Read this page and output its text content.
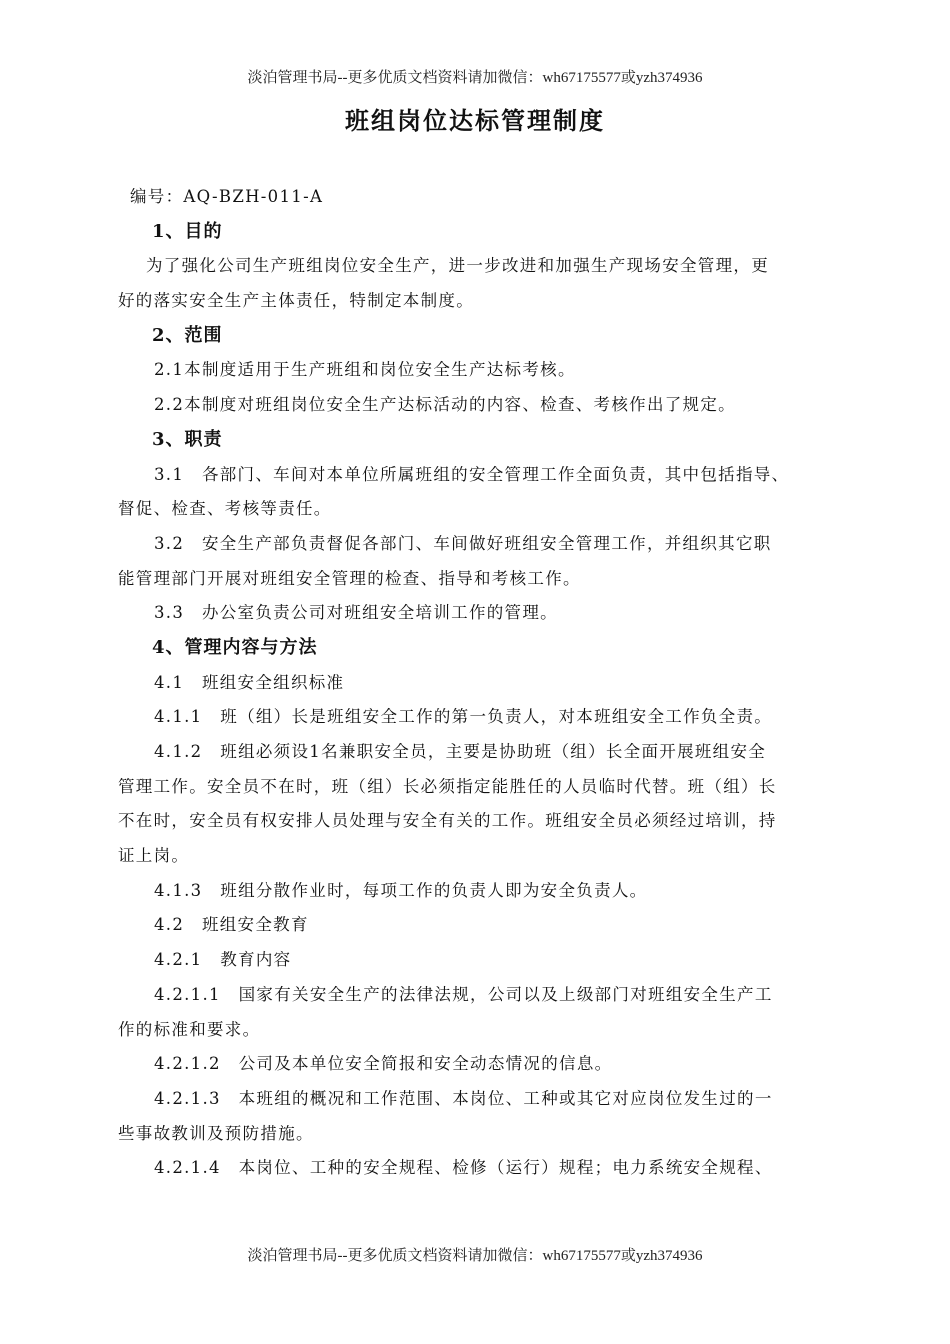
淡泊管理书局--更多优质文档资料请加微信：wh67175577或yzh374936
班组岗位达标管理制度
编号：AQ-BZH-011-A
1、目的
为了强化公司生产班组岗位安全生产，进一步改进和加强生产现场安全管理，更
好的落实安全生产主体责任，特制定本制度。
2、范围
2.1本制度适用于生产班组和岗位安全生产达标考核。
2.2本制度对班组岗位安全生产达标活动的内容、检查、考核作出了规定。
3、职责
3.1　各部门、车间对本单位所属班组的安全管理工作全面负责，其中包括指导、
督促、检查、考核等责任。
3.2　安全生产部负责督促各部门、车间做好班组安全管理工作，并组织其它职
能管理部门开展对班组安全管理的检查、指导和考核工作。
3.3　办公室负责公司对班组安全培训工作的管理。
4、管理内容与方法
4.1　班组安全组织标准
4.1.1　班（组）长是班组安全工作的第一负责人，对本班组安全工作负全责。
4.1.2　班组必须设1名兼职安全员，主要是协助班（组）长全面开展班组安全
管理工作。安全员不在时，班（组）长必须指定能胜任的人员临时代替。班（组）长
不在时，安全员有权安排人员处理与安全有关的工作。班组安全员必须经过培训，持
证上岗。
4.1.3　班组分散作业时，每项工作的负责人即为安全负责人。
4.2　班组安全教育
4.2.1　教育内容
4.2.1.1　国家有关安全生产的法律法规，公司以及上级部门对班组安全生产工
作的标准和要求。
4.2.1.2　公司及本单位安全简报和安全动态情况的信息。
4.2.1.3　本班组的概况和工作范围、本岗位、工种或其它对应岗位发生过的一
些事故教训及预防措施。
4.2.1.4　本岗位、工种的安全规程、检修（运行）规程；电力系统安全规程、
淡泊管理书局--更多优质文档资料请加微信：wh67175577或yzh374936
